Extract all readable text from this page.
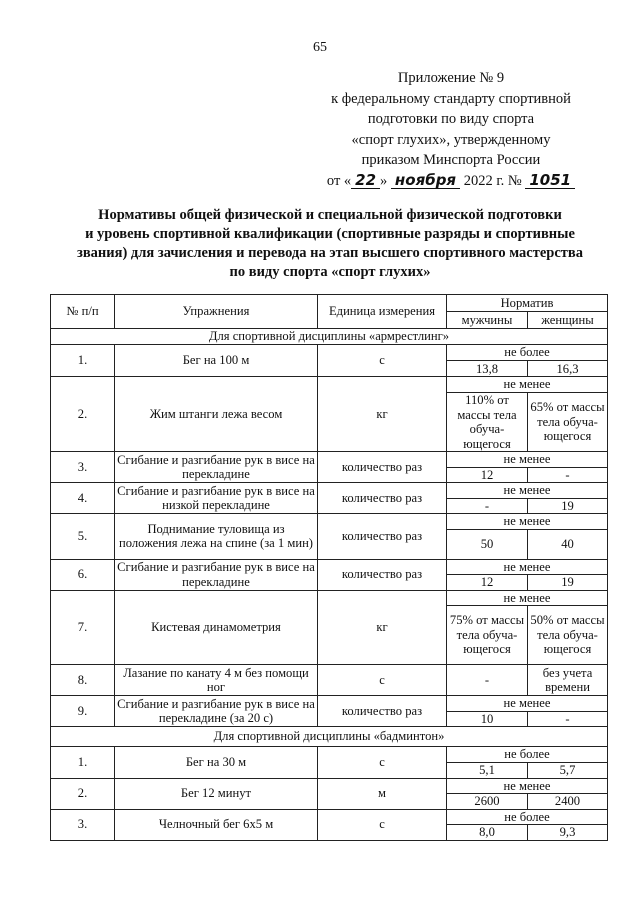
65
Приложение № 9
к федеральному стандарту спортивной
подготовки по виду спорта
«спорт глухих», утвержденному
приказом Минспорта России
от « 22 » ноября 2022 г. № 1051
Нормативы общей физической и специальной физической подготовки
и уровень спортивной квалификации (спортивные разряды и спортивные
звания) для зачисления и перевода на этап высшего спортивного мастерства
по виду спорта «спорт глухих»
№ п/п	Упражнения	Единица измерения	Норматив	
			мужчины	женщины
Для спортивной дисциплины «армрестлинг»				
1.	Бег на 100 м	с	не более	
			13,8	16,3
2.	Жим штанги лежа весом	кг	не менее	
			110% от массы тела обуча-ющегося	65% от массы тела обуча-ющегося
3.	Сгибание и разгибание рук в висе на перекладине	количество раз	не менее	
			12	-
4.	Сгибание и разгибание рук в висе на низкой перекладине	количество раз	не менее	
			-	19
5.	Поднимание туловища из положения лежа на спине (за 1 мин)	количество раз	не менее	
			50	40
6.	Сгибание и разгибание рук в висе на перекладине	количество раз	не менее	
			12	19
7.	Кистевая динамометрия	кг	не менее	
			75% от массы тела обуча-ющегося	50% от массы тела обуча-ющегося
8.	Лазание по канату 4 м без помощи ног	с	-	без учета времени
9.	Сгибание и разгибание рук в висе на перекладине (за 20 с)	количество раз	не менее	
			10	-
Для спортивной дисциплины «бадминтон»				
1.	Бег на 30 м	с	не более	
			5,1	5,7
2.	Бег 12 минут	м	не менее	
			2600	2400
3.	Челночный бег 6х5 м	с	не более	
			8,0	9,3
